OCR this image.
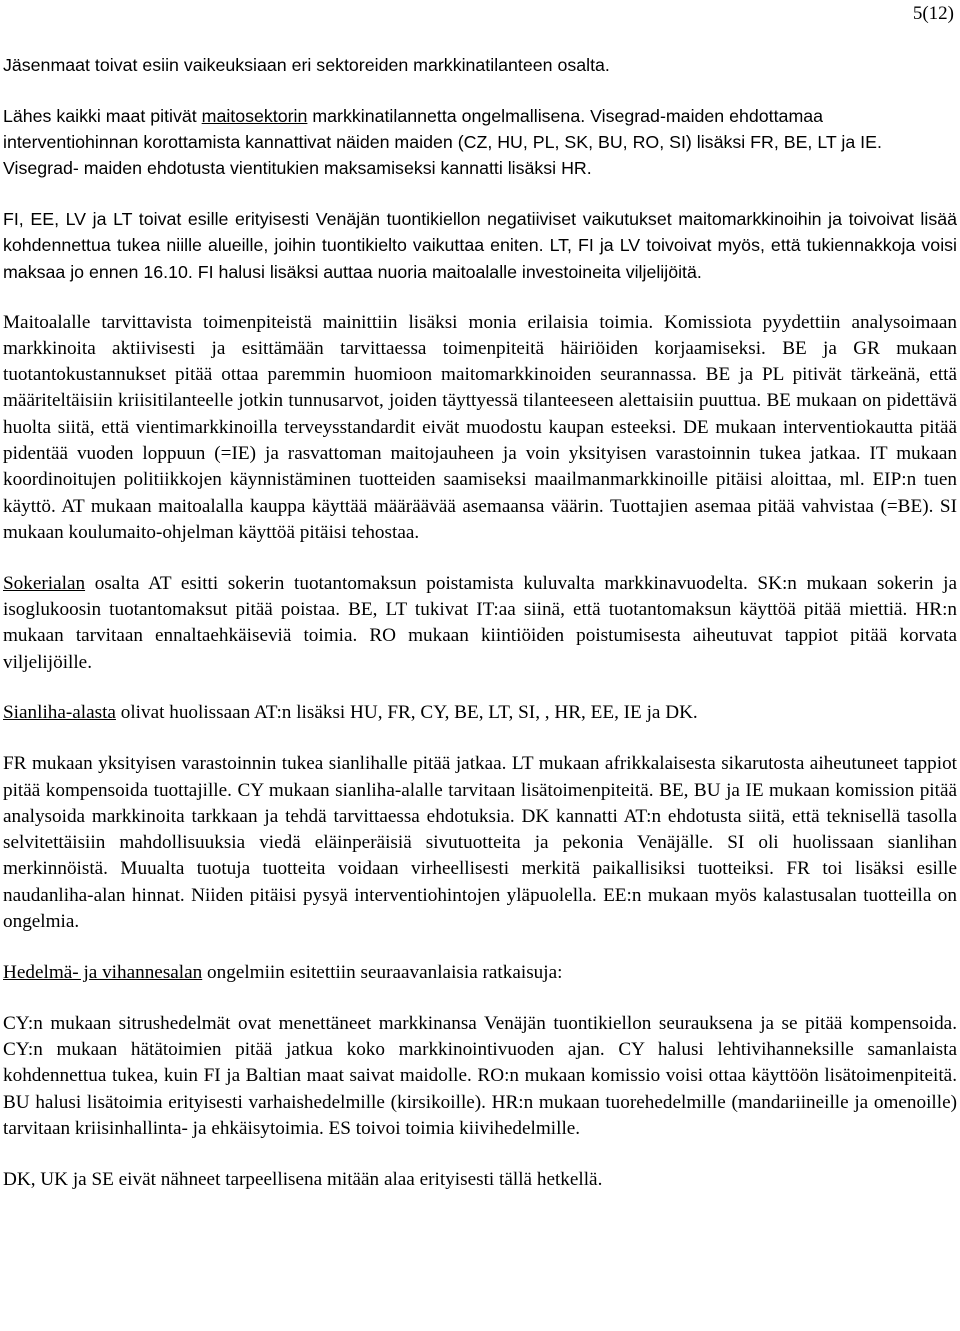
5(12)

Jäsenmaat toivat esiin vaikeuksiaan eri sektoreiden markkinatilanteen osalta.

Lähes kaikki maat pitivät maitosektorin markkinatilannetta ongelmallisena. Visegrad-maiden ehdottamaa interventiohinnan korottamista kannattivat näiden maiden (CZ, HU, PL, SK, BU, RO, SI) lisäksi FR, BE, LT ja IE. Visegrad- maiden ehdotusta vientitukien maksamiseksi kannatti lisäksi HR.

FI, EE, LV ja LT toivat esille erityisesti Venäjän tuontikiellon negatiiviset vaikutukset maitomarkkinoihin ja toivoivat lisää kohdennettua tukea niille alueille, joihin tuontikielto vaikuttaa eniten. LT, FI ja LV toivoivat myös, että tukiennakkoja voisi maksaa jo ennen 16.10. FI halusi lisäksi auttaa nuoria maitoalalle investoineita viljelijöitä.

Maitoalalle tarvittavista toimenpiteistä mainittiin lisäksi monia erilaisia toimia. Komissiota pyydettiin analysoimaan markkinoita aktiivisesti ja esittämään tarvittaessa toimenpiteitä häiriöiden korjaamiseksi. BE ja GR mukaan tuotantokustannukset pitää ottaa paremmin huomioon maitomarkkinoiden seurannassa. BE ja PL pitivät tärkeänä, että määriteltäisiin kriisitilanteelle jotkin tunnusarvot, joiden täyttyessä tilanteeseen alettaisiin puuttua. BE mukaan on pidettävä huolta siitä, että vientimarkkinoilla terveysstandardit eivät muodostu kaupan esteeksi. DE mukaan interventiokautta pitää pidentää vuoden loppuun (=IE) ja rasvattoman maitojauheen ja voin yksityisen varastoinnin tukea jatkaa. IT mukaan koordinoitujen politiikkojen käynnistäminen tuotteiden saamiseksi maailmanmarkkinoille pitäisi aloittaa, ml. EIP:n tuen käyttö. AT mukaan maitoalalla kauppa käyttää määräävää asemaansa väärin. Tuottajien asemaa pitää vahvistaa (=BE). SI mukaan koulumaito-ohjelman käyttöä pitäisi tehostaa.

Sokerialan osalta AT esitti sokerin tuotantomaksun poistamista kuluvalta markkinavuodelta. SK:n mukaan sokerin ja isoglukoosin tuotantomaksut pitää poistaa. BE, LT tukivat IT:aa siinä, että tuotantomaksun käyttöä pitää miettiä. HR:n mukaan tarvitaan ennaltaehkäiseviä toimia. RO mukaan kiintiöiden poistumisesta aiheutuvat tappiot pitää korvata viljelijöille.

Sianliha-alasta olivat huolissaan AT:n lisäksi HU, FR, CY, BE, LT, SI, , HR, EE, IE ja DK.

FR mukaan yksityisen varastoinnin tukea sianlihalle pitää jatkaa. LT mukaan afrikkalaisesta sikarutosta aiheutuneet tappiot pitää kompensoida tuottajille. CY mukaan sianliha-alalle tarvitaan lisätoimenpiteitä. BE, BU ja IE mukaan komission pitää analysoida markkinoita tarkkaan ja tehdä tarvittaessa ehdotuksia. DK kannatti AT:n ehdotusta siitä, että teknisellä tasolla selvitettäisiin mahdollisuuksia viedä eläinperäisiä sivutuotteita ja pekonia Venäjälle. SI oli huolissaan sianlihan merkinnöistä. Muualta tuotuja tuotteita voidaan virheellisesti merkitä paikallisiksi tuotteiksi. FR toi lisäksi esille naudanliha-alan hinnat. Niiden pitäisi pysyä interventiohintojen yläpuolella. EE:n mukaan myös kalastusalan tuotteilla on ongelmia.

Hedelmä- ja vihannesalan ongelmiin esitettiin seuraavanlaisia ratkaisuja:

CY:n mukaan sitrushedelmät ovat menettäneet markkinansa Venäjän tuontikiellon seurauksena ja se pitää kompensoida. CY:n mukaan hätätoimien pitää jatkua koko markkinointivuoden ajan. CY halusi lehtivihanneksille samanlaista kohdennettua tukea, kuin FI ja Baltian maat saivat maidolle. RO:n mukaan komissio voisi ottaa käyttöön lisätoimenpiteitä. BU halusi lisätoimia erityisesti varhaishedelmille (kirsikoille). HR:n mukaan tuorehedelmille (mandariineille ja omenoille) tarvitaan kriisinhallinta- ja ehkäisytoimia. ES toivoi toimia kiivihedelmille.

DK, UK ja SE eivät nähneet tarpeellisena mitään alaa erityisesti tällä hetkellä.
